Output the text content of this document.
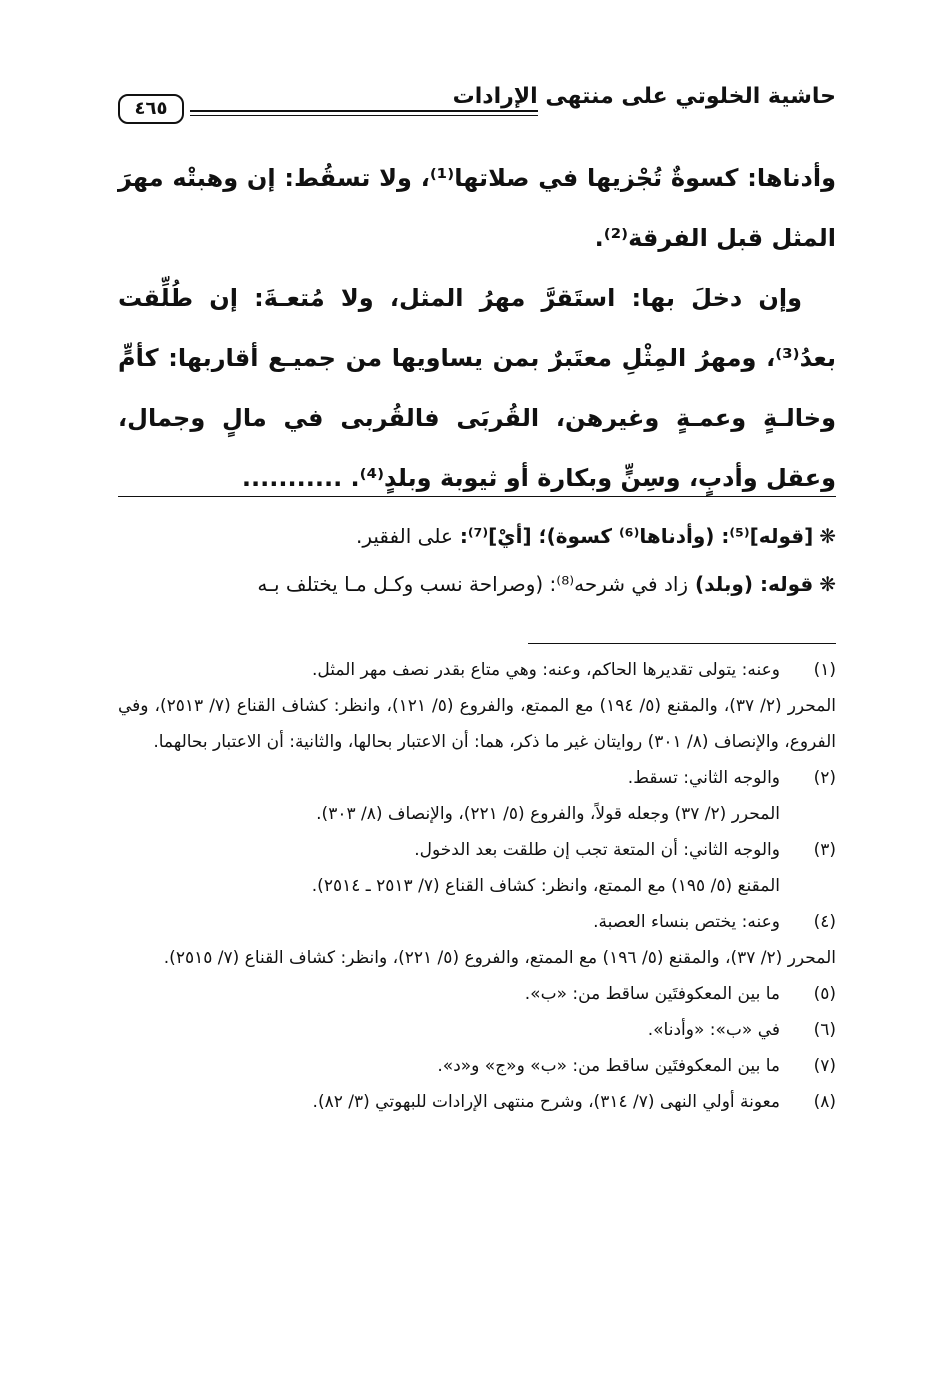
حاشية الخلوتي على منتهى الإرادات
٤٦٥

وأدناها: كسوةٌ تُجْزيها في صلاتها⁽¹⁾، ولا تسقُط: إن وهبتْه مهرَ المثل قبل الفرقة⁽²⁾.

وإن دخلَ بها: استَقرَّ مهرُ المثل، ولا مُتعـةَ: إن طُلِّقت بعدُ⁽³⁾، ومهرُ المِثْلِ معتَبرٌ بمن يساويها من جميـع أقاربها: كأمٍّ وخالـةٍ وعمـةٍ وغيرهن، القُربَى فالقُربى في مالٍ وجمال، وعقل وأدبٍ، وسِنٍّ وبكارة أو ثيوبة وبلدٍ⁽⁴⁾. ...........

❋[قوله]⁽⁵⁾: (وأدناها⁽⁶⁾ كسوة)؛ [أيْ]⁽⁷⁾: على الفقير.

❋قوله: (وبلد) زاد في شرحه⁽⁸⁾: (وصراحة نسب وكـل مـا يختلف بـه

(١)

وعنه: يتولى تقديرها الحاكم، وعنه: وهي متاع بقدر نصف مهر المثل.

المحرر (٢/ ٣٧)، والمقنع (٥/ ١٩٤) مع الممتع، والفروع (٥/ ١٢١)، وانظر: كشاف القناع (٧/ ٢٥١٣)، وفي الفروع، والإنصاف (٨/ ٣٠١) روايتان غير ما ذكر، هما: أن الاعتبار بحالها، والثانية: أن الاعتبار بحالهما.

(٢)

والوجه الثاني: تسقط.

المحرر (٢/ ٣٧) وجعله قولاً، والفروع (٥/ ٢٢١)، والإنصاف (٨/ ٣٠٣).

(٣)

والوجه الثاني: أن المتعة تجب إن طلقت بعد الدخول.

المقنع (٥/ ١٩٥) مع الممتع، وانظر: كشاف القناع (٧/ ٢٥١٣ ـ ٢٥١٤).

(٤)

وعنه: يختص بنساء العصبة.

المحرر (٢/ ٣٧)، والمقنع (٥/ ١٩٦) مع الممتع، والفروع (٥/ ٢٢١)، وانظر: كشاف القناع (٧/ ٢٥١٥).

(٥)

ما بين المعكوفتَين ساقط من: «ب».

(٦)

في «ب»: «وأدنا».

(٧)

ما بين المعكوفتَين ساقط من: «ب» و«ج» و«د».

(٨)

معونة أولي النهى (٧/ ٣١٤)، وشرح منتهى الإرادات للبهوتي (٣/ ٨٢).
